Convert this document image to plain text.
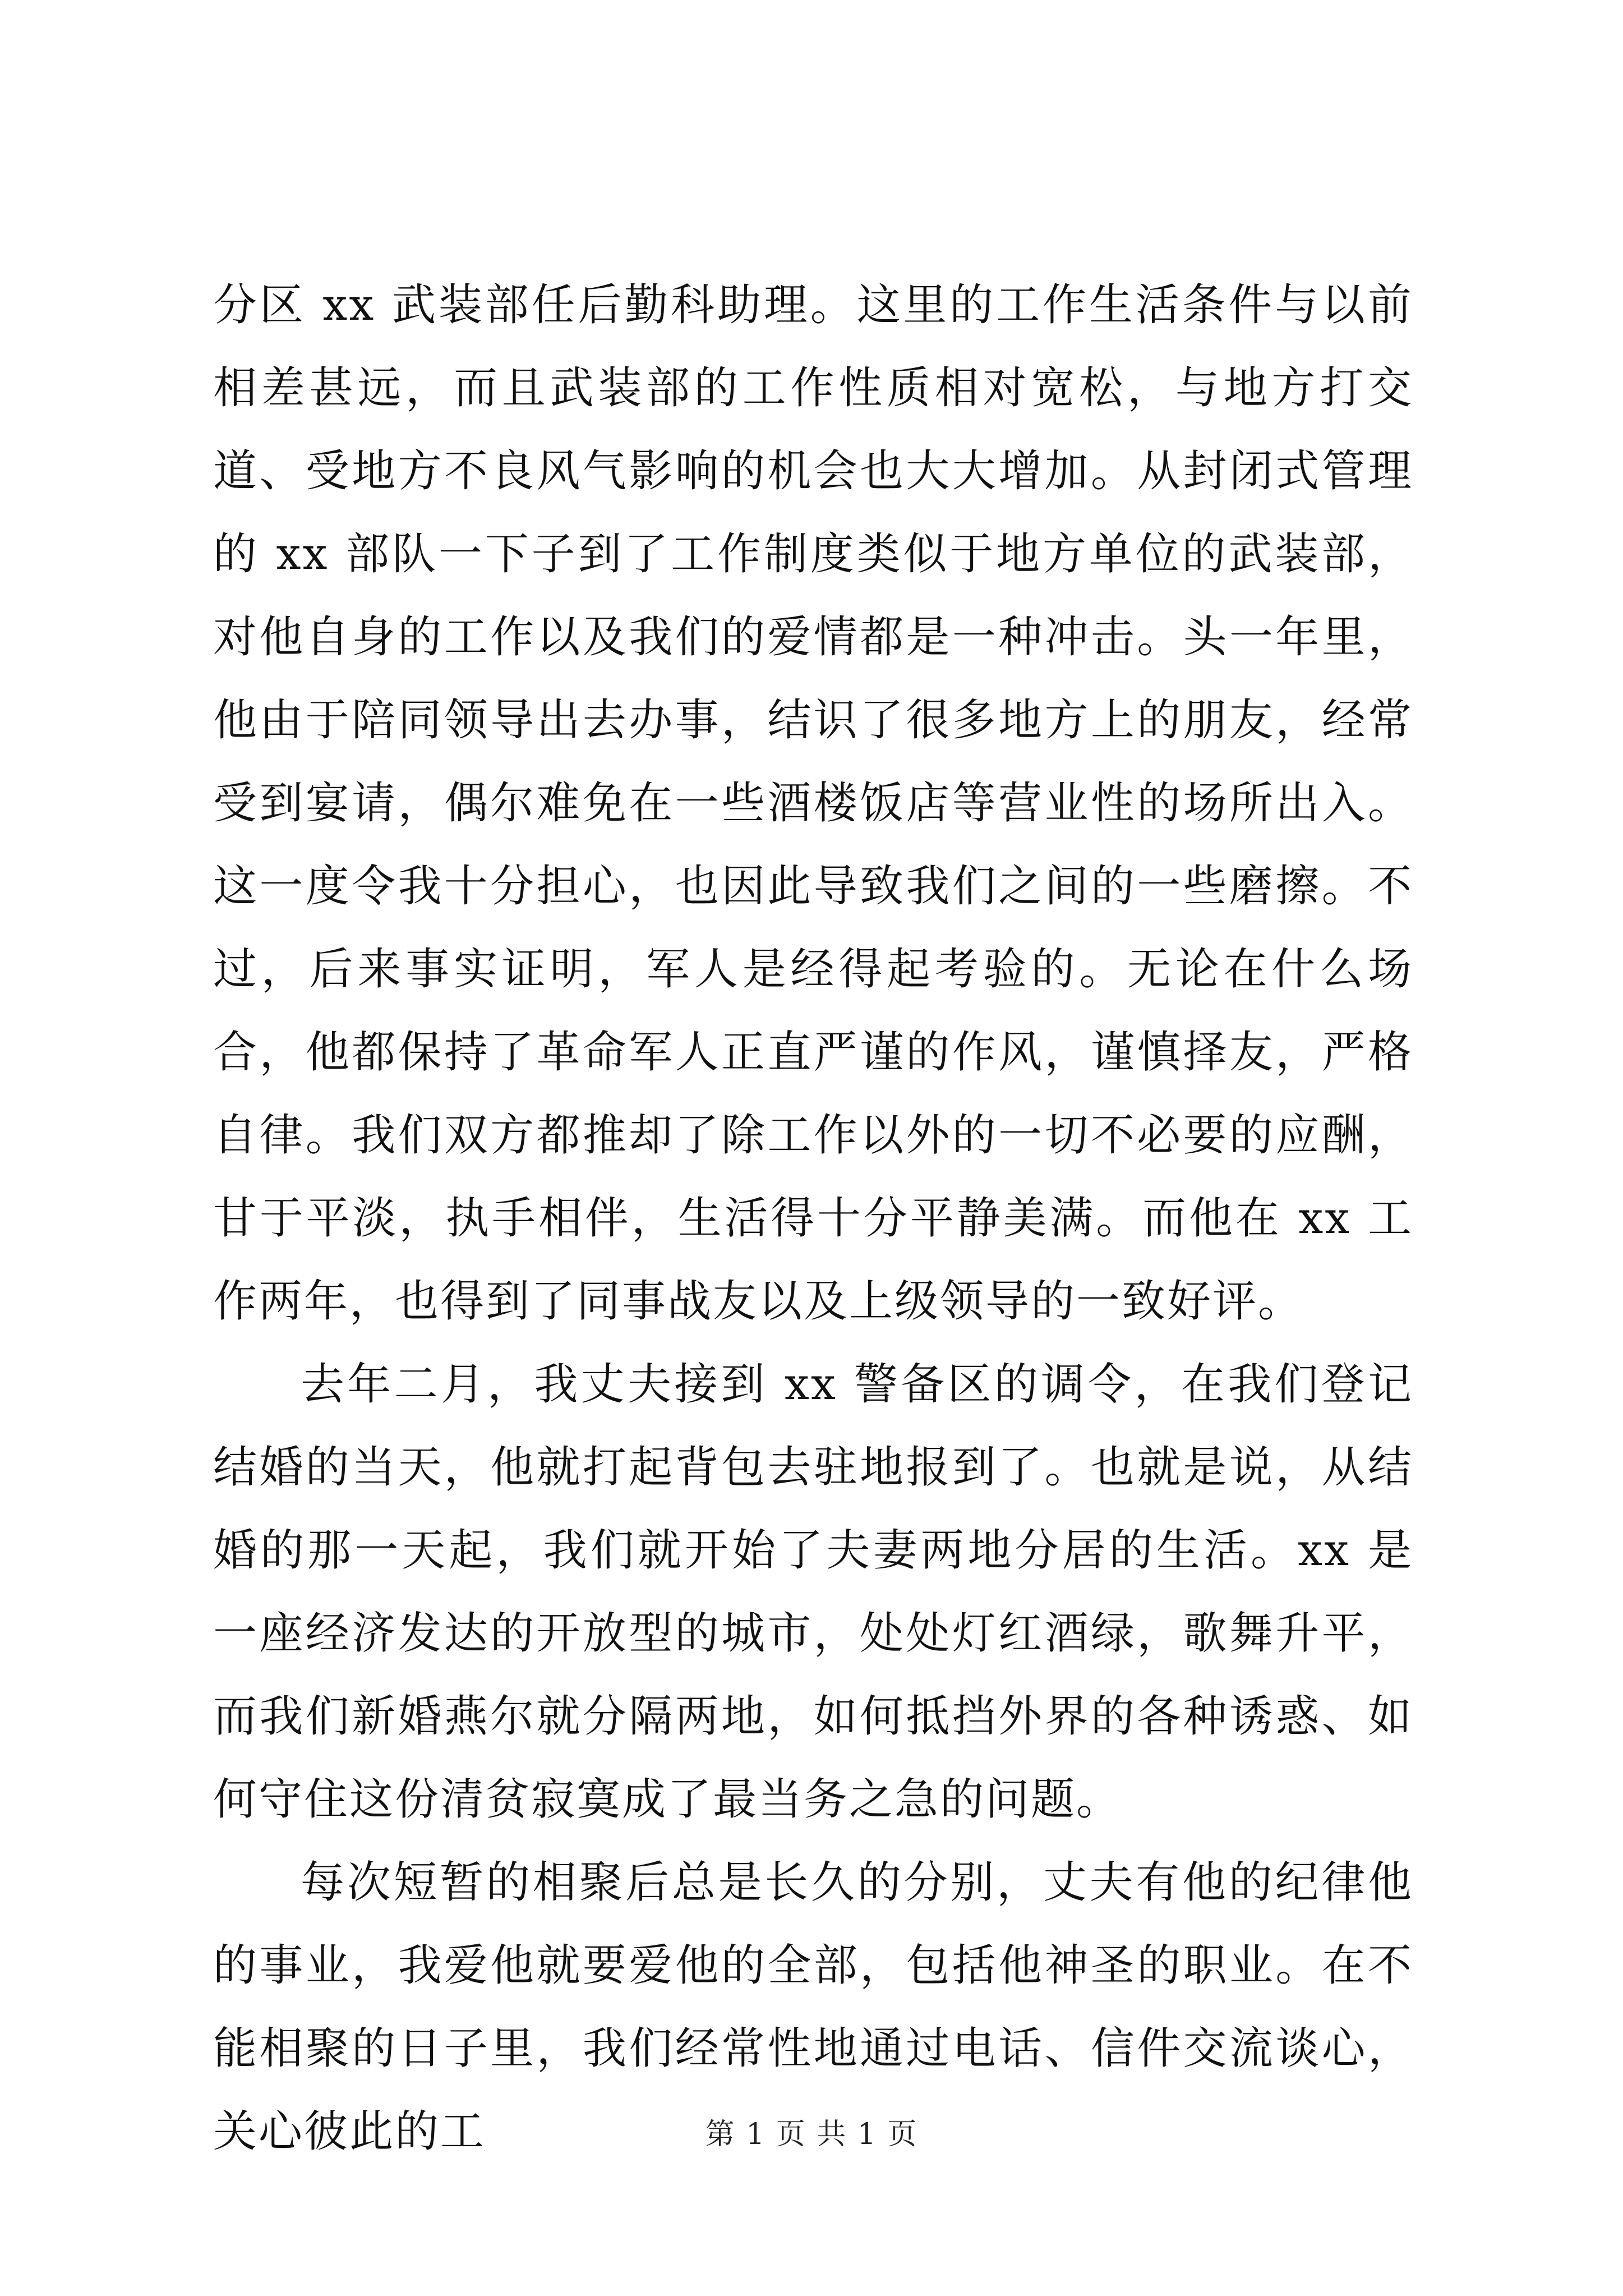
分区 xx 武装部任后勤科助理。这里的工作生活条件与以前相差甚远，而且武装部的工作性质相对宽松，与地方打交道、受地方不良风气影响的机会也大大增加。从封闭式管理的 xx 部队一下子到了工作制度类似于地方单位的武装部，对他自身的工作以及我们的爱情都是一种冲击。头一年里，他由于陪同领导出去办事，结识了很多地方上的朋友，经常受到宴请，偶尔难免在一些酒楼饭店等营业性的场所出入。这一度令我十分担心，也因此导致我们之间的一些磨擦。不过，后来事实证明，军人是经得起考验的。无论在什么场合，他都保持了革命军人正直严谨的作风，谨慎择友，严格自律。我们双方都推却了除工作以外的一切不必要的应酬，甘于平淡，执手相伴，生活得十分平静美满。而他在 xx 工作两年，也得到了同事战友以及上级领导的一致好评。

去年二月，我丈夫接到 xx 警备区的调令，在我们登记结婚的当天，他就打起背包去驻地报到了。也就是说，从结婚的那一天起，我们就开始了夫妻两地分居的生活。xx 是一座经济发达的开放型的城市，处处灯红酒绿，歌舞升平，而我们新婚燕尔就分隔两地，如何抵挡外界的各种诱惑、如何守住这份清贫寂寞成了最当务之急的问题。

每次短暂的相聚后总是长久的分别，丈夫有他的纪律他的事业，我爱他就要爱他的全部，包括他神圣的职业。在不能相聚的日子里，我们经常性地通过电话、信件交流谈心，关心彼此的工	第 1 页 共 1 页
